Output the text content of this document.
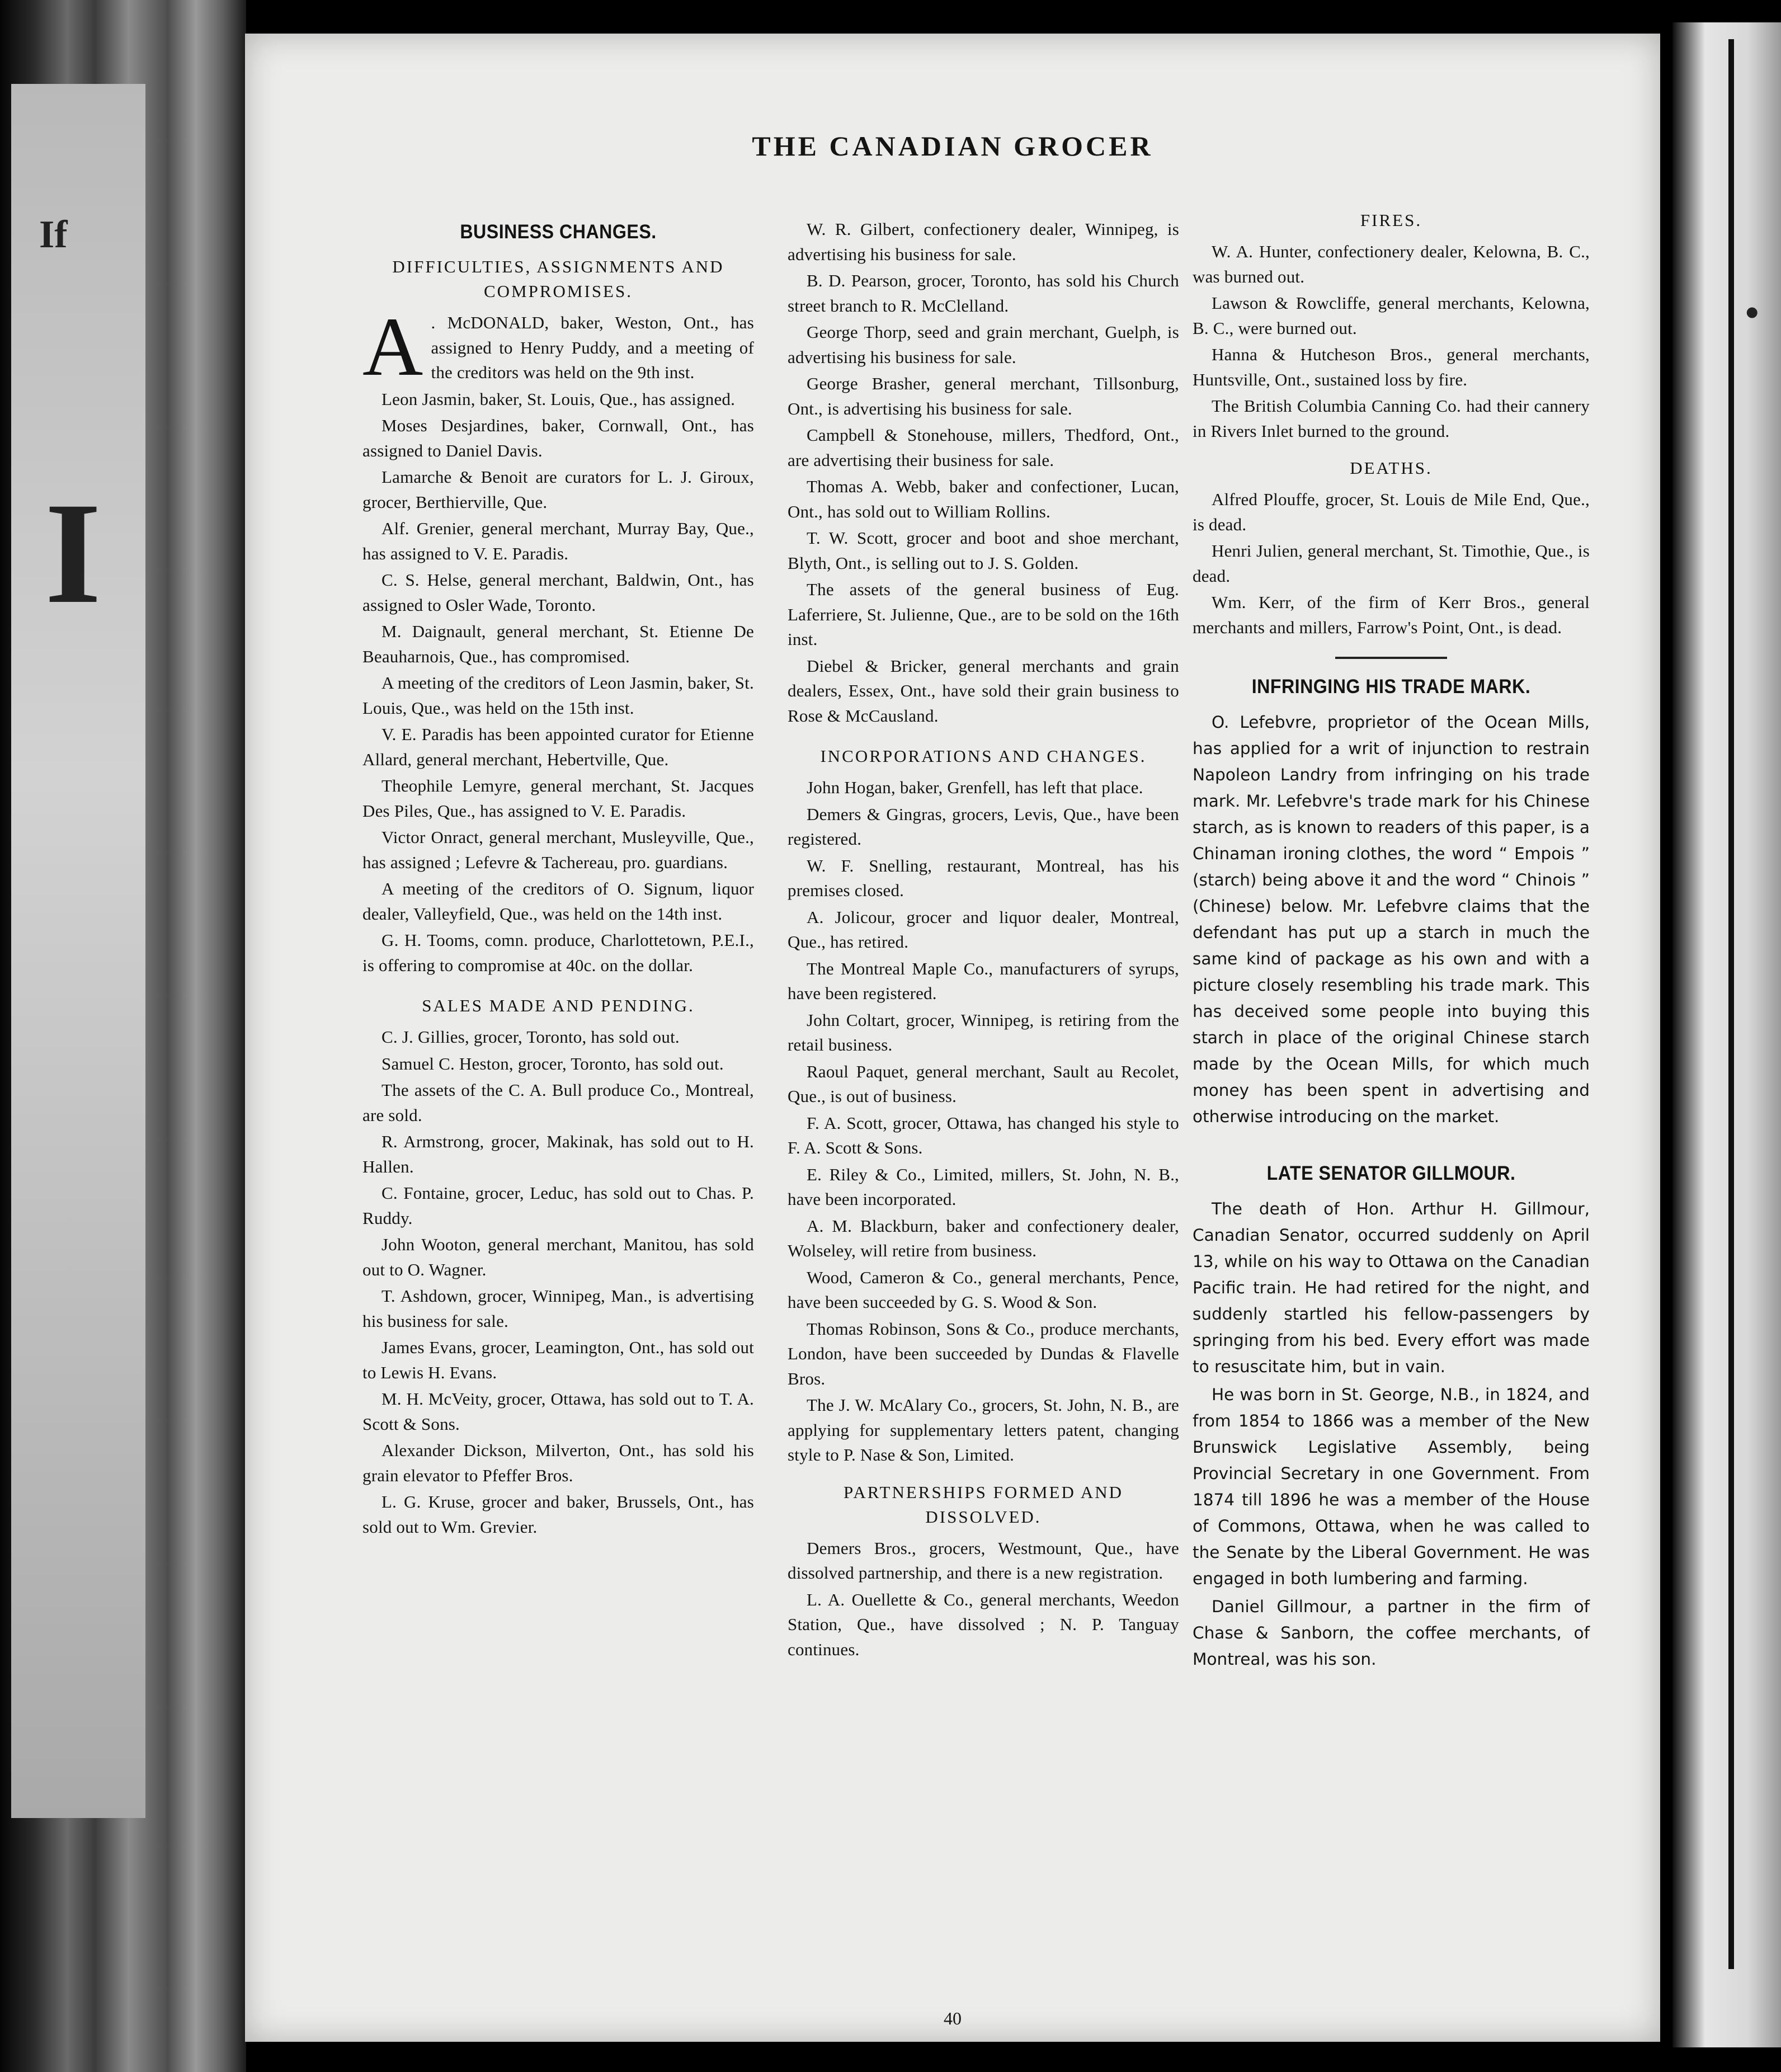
If
I
•
THE CANADIAN GROCER
BUSINESS CHANGES.
DIFFICULTIES, ASSIGNMENTS AND COMPROMISES.

A . McDONALD, baker, Weston, Ont., has assigned to Henry Puddy, and a meeting of the creditors was held on the 9th inst.

Leon Jasmin, baker, St. Louis, Que., has assigned.

Moses Desjardines, baker, Cornwall, Ont., has assigned to Daniel Davis.

Lamarche & Benoit are curators for L. J. Giroux, grocer, Berthierville, Que.

Alf. Grenier, general merchant, Murray Bay, Que., has assigned to V. E. Paradis.

C. S. Helse, general merchant, Baldwin, Ont., has assigned to Osler Wade, Toronto.

M. Daignault, general merchant, St. Etienne De Beauharnois, Que., has compromised.

A meeting of the creditors of Leon Jasmin, baker, St. Louis, Que., was held on the 15th inst.

V. E. Paradis has been appointed curator for Etienne Allard, general merchant, Hebertville, Que.

Theophile Lemyre, general merchant, St. Jacques Des Piles, Que., has assigned to V. E. Paradis.

Victor Onract, general merchant, Musleyville, Que., has assigned ; Lefevre & Tachereau, pro. guardians.

A meeting of the creditors of O. Signum, liquor dealer, Valleyfield, Que., was held on the 14th inst.

G. H. Tooms, comn. produce, Charlottetown, P.E.I., is offering to compromise at 40c. on the dollar.

SALES MADE AND PENDING.

C. J. Gillies, grocer, Toronto, has sold out.

Samuel C. Heston, grocer, Toronto, has sold out.

The assets of the C. A. Bull produce Co., Montreal, are sold.

R. Armstrong, grocer, Makinak, has sold out to H. Hallen.

C. Fontaine, grocer, Leduc, has sold out to Chas. P. Ruddy.

John Wooton, general merchant, Manitou, has sold out to O. Wagner.

T. Ashdown, grocer, Winnipeg, Man., is advertising his business for sale.

James Evans, grocer, Leamington, Ont., has sold out to Lewis H. Evans.

M. H. McVeity, grocer, Ottawa, has sold out to T. A. Scott & Sons.

Alexander Dickson, Milverton, Ont., has sold his grain elevator to Pfeffer Bros.

L. G. Kruse, grocer and baker, Brussels, Ont., has sold out to Wm. Grevier.

W. R. Gilbert, confectionery dealer, Winnipeg, is advertising his business for sale.

B. D. Pearson, grocer, Toronto, has sold his Church street branch to R. McClelland.

George Thorp, seed and grain merchant, Guelph, is advertising his business for sale.

George Brasher, general merchant, Tillsonburg, Ont., is advertising his business for sale.

Campbell & Stonehouse, millers, Thedford, Ont., are advertising their business for sale.

Thomas A. Webb, baker and confectioner, Lucan, Ont., has sold out to William Rollins.

T. W. Scott, grocer and boot and shoe merchant, Blyth, Ont., is selling out to J. S. Golden.

The assets of the general business of Eug. Laferriere, St. Julienne, Que., are to be sold on the 16th inst.

Diebel & Bricker, general merchants and grain dealers, Essex, Ont., have sold their grain business to Rose & McCausland.

INCORPORATIONS AND CHANGES.

John Hogan, baker, Grenfell, has left that place.

Demers & Gingras, grocers, Levis, Que., have been registered.

W. F. Snelling, restaurant, Montreal, has his premises closed.

A. Jolicour, grocer and liquor dealer, Montreal, Que., has retired.

The Montreal Maple Co., manufacturers of syrups, have been registered.

John Coltart, grocer, Winnipeg, is retiring from the retail business.

Raoul Paquet, general merchant, Sault au Recolet, Que., is out of business.

F. A. Scott, grocer, Ottawa, has changed his style to F. A. Scott & Sons.

E. Riley & Co., Limited, millers, St. John, N. B., have been incorporated.

A. M. Blackburn, baker and confectionery dealer, Wolseley, will retire from business.

Wood, Cameron & Co., general merchants, Pence, have been succeeded by G. S. Wood & Son.

Thomas Robinson, Sons & Co., produce merchants, London, have been succeeded by Dundas & Flavelle Bros.

The J. W. McAlary Co., grocers, St. John, N. B., are applying for supplementary letters patent, changing style to P. Nase & Son, Limited.

PARTNERSHIPS FORMED AND DISSOLVED.

Demers Bros., grocers, Westmount, Que., have dissolved partnership, and there is a new registration.

L. A. Ouellette & Co., general merchants, Weedon Station, Que., have dissolved ; N. P. Tanguay continues.

FIRES.

W. A. Hunter, confectionery dealer, Kelowna, B. C., was burned out.

Lawson & Rowcliffe, general merchants, Kelowna, B. C., were burned out.

Hanna & Hutcheson Bros., general merchants, Huntsville, Ont., sustained loss by fire.

The British Columbia Canning Co. had their cannery in Rivers Inlet burned to the ground.

DEATHS.

Alfred Plouffe, grocer, St. Louis de Mile End, Que., is dead.

Henri Julien, general merchant, St. Timothie, Que., is dead.

Wm. Kerr, of the firm of Kerr Bros., general merchants and millers, Farrow's Point, Ont., is dead.

INFRINGING HIS TRADE MARK.

O. Lefebvre, proprietor of the Ocean Mills, has applied for a writ of injunction to restrain Napoleon Landry from infringing on his trade mark. Mr. Lefebvre's trade mark for his Chinese starch, as is known to readers of this paper, is a Chinaman ironing clothes, the word “ Empois ” (starch) being above it and the word “ Chinois ” (Chinese) below. Mr. Lefebvre claims that the defendant has put up a starch in much the same kind of package as his own and with a picture closely resembling his trade mark. This has deceived some people into buying this starch in place of the original Chinese starch made by the Ocean Mills, for which much money has been spent in advertising and otherwise introducing on the market.

LATE SENATOR GILLMOUR.

The death of Hon. Arthur H. Gillmour, Canadian Senator, occurred suddenly on April 13, while on his way to Ottawa on the Canadian Pacific train. He had retired for the night, and suddenly startled his fellow-passengers by springing from his bed. Every effort was made to resuscitate him, but in vain.

He was born in St. George, N.B., in 1824, and from 1854 to 1866 was a member of the New Brunswick Legislative Assembly, being Provincial Secretary in one Government. From 1874 till 1896 he was a member of the House of Commons, Ottawa, when he was called to the Senate by the Liberal Government. He was engaged in both lumbering and farming.

Daniel Gillmour, a partner in the firm of Chase & Sanborn, the coffee merchants, of Montreal, was his son.

40
